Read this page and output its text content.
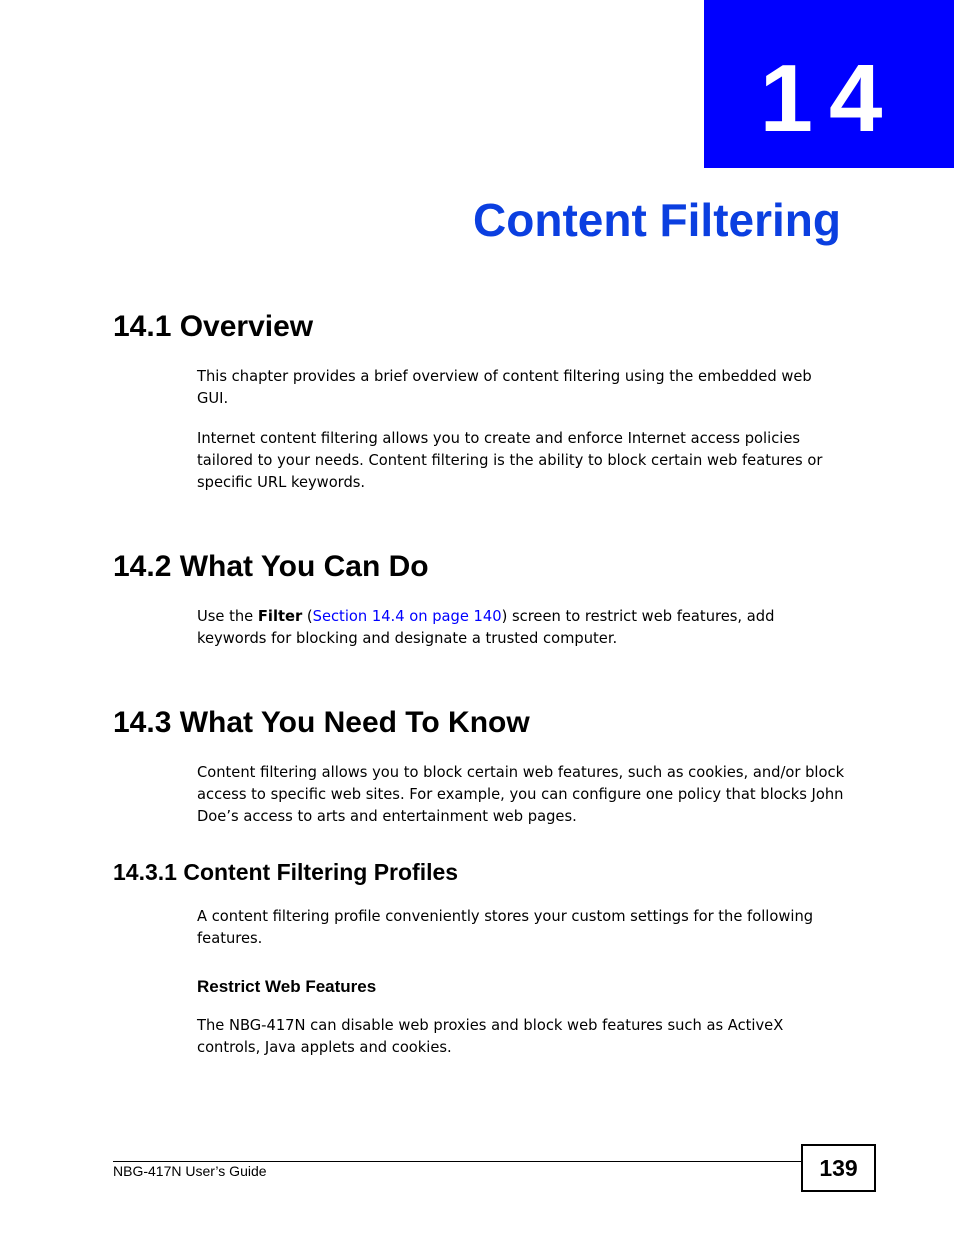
14
Content Filtering
14.1 Overview

This chapter provides a brief overview of content filtering using the embedded web GUI.

Internet content filtering allows you to create and enforce Internet access policies tailored to your needs. Content filtering is the ability to block certain web features or specific URL keywords.

14.2 What You Can Do

Use the Filter (Section 14.4 on page 140) screen to restrict web features, add keywords for blocking and designate a trusted computer.

14.3 What You Need To Know

Content filtering allows you to block certain web features, such as cookies, and/or block access to specific web sites. For example, you can configure one policy that blocks John Doe’s access to arts and entertainment web pages.

14.3.1 Content Filtering Profiles

A content filtering profile conveniently stores your custom settings for the following features.

Restrict Web Features

The NBG-417N can disable web proxies and block web features such as ActiveX controls, Java applets and cookies.

NBG-417N User’s Guide	139
